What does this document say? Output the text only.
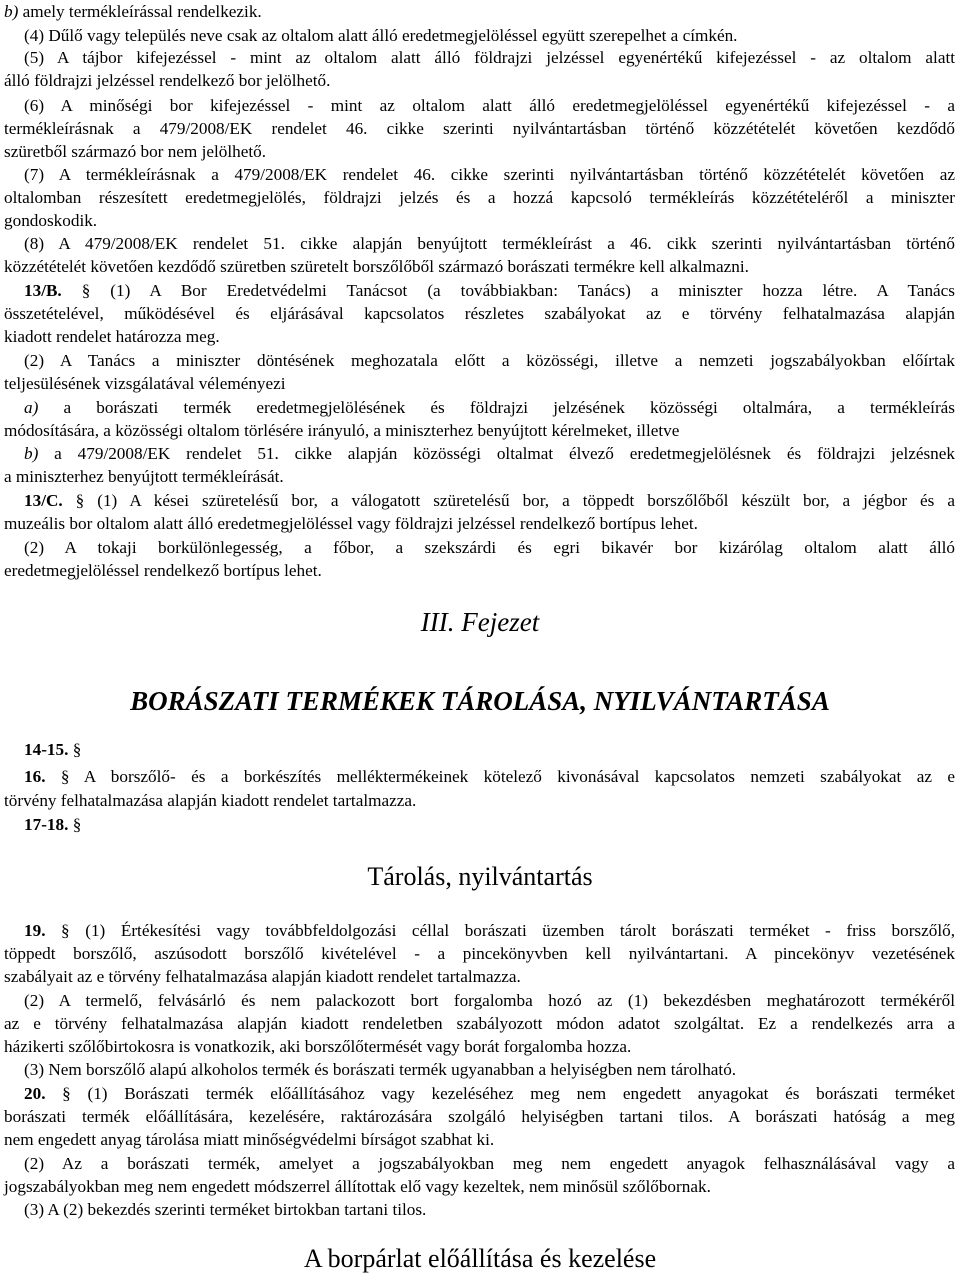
b) amely termékleírással rendelkezik.
(4) Dűlő vagy település neve csak az oltalom alatt álló eredetmegjelöléssel együtt szerepelhet a címkén.
(5) A tájbor kifejezéssel - mint az oltalom alatt álló földrajzi jelzéssel egyenértékű kifejezéssel - az oltalom alatt
álló földrajzi jelzéssel rendelkező bor jelölhető.
(6) A minőségi bor kifejezéssel - mint az oltalom alatt álló eredetmegjelöléssel egyenértékű kifejezéssel - a
termékleírásnak a 479/2008/EK rendelet 46. cikke szerinti nyilvántartásban történő közzétételét követően kezdődő
szüretből származó bor nem jelölhető.
(7) A termékleírásnak a 479/2008/EK rendelet 46. cikke szerinti nyilvántartásban történő közzétételét követően az
oltalomban részesített eredetmegjelölés, földrajzi jelzés és a hozzá kapcsoló termékleírás közzétételéről a miniszter
gondoskodik.
(8) A 479/2008/EK rendelet 51. cikke alapján benyújtott termékleírást a 46. cikk szerinti nyilvántartásban történő
közzétételét követően kezdődő szüretben szüretelt borszőlőből származó borászati termékre kell alkalmazni.
13/B. § (1) A Bor Eredetvédelmi Tanácsot (a továbbiakban: Tanács) a miniszter hozza létre. A Tanács
összetételével, működésével és eljárásával kapcsolatos részletes szabályokat az e törvény felhatalmazása alapján
kiadott rendelet határozza meg.
(2) A Tanács a miniszter döntésének meghozatala előtt a közösségi, illetve a nemzeti jogszabályokban előírtak
teljesülésének vizsgálatával véleményezi
a) a borászati termék eredetmegjelölésének és földrajzi jelzésének közösségi oltalmára, a termékleírás
módosítására, a közösségi oltalom törlésére irányuló, a miniszterhez benyújtott kérelmeket, illetve
b) a 479/2008/EK rendelet 51. cikke alapján közösségi oltalmat élvező eredetmegjelölésnek és földrajzi jelzésnek
a miniszterhez benyújtott termékleírását.
13/C. § (1) A kései szüretelésű bor, a válogatott szüretelésű bor, a töppedt borszőlőből készült bor, a jégbor és a
muzeális bor oltalom alatt álló eredetmegjelöléssel vagy földrajzi jelzéssel rendelkező bortípus lehet.
(2) A tokaji borkülönlegesség, a főbor, a szekszárdi és egri bikavér bor kizárólag oltalom alatt álló
eredetmegjelöléssel rendelkező bortípus lehet.
14-15. §
16. § A borszőlő- és a borkészítés melléktermékeinek kötelező kivonásával kapcsolatos nemzeti szabályokat az e
törvény felhatalmazása alapján kiadott rendelet tartalmazza.
17-18. §
19. § (1) Értékesítési vagy továbbfeldolgozási céllal borászati üzemben tárolt borászati terméket - friss borszőlő,
töppedt borszőlő, aszúsodott borszőlő kivételével - a pincekönyvben kell nyilvántartani. A pincekönyv vezetésének
szabályait az e törvény felhatalmazása alapján kiadott rendelet tartalmazza.
(2) A termelő, felvásárló és nem palackozott bort forgalomba hozó az (1) bekezdésben meghatározott termékéről
az e törvény felhatalmazása alapján kiadott rendeletben szabályozott módon adatot szolgáltat. Ez a rendelkezés arra a
házikerti szőlőbirtokosra is vonatkozik, aki borszőlőtermését vagy borát forgalomba hozza.
(3) Nem borszőlő alapú alkoholos termék és borászati termék ugyanabban a helyiségben nem tárolható.
20. § (1) Borászati termék előállításához vagy kezeléséhez meg nem engedett anyagokat és borászati terméket
borászati termék előállítására, kezelésére, raktározására szolgáló helyiségben tartani tilos. A borászati hatóság a meg
nem engedett anyag tárolása miatt minőségvédelmi bírságot szabhat ki.
(2) Az a borászati termék, amelyet a jogszabályokban meg nem engedett anyagok felhasználásával vagy a
jogszabályokban meg nem engedett módszerrel állítottak elő vagy kezeltek, nem minősül szőlőbornak.
(3) A (2) bekezdés szerinti terméket birtokban tartani tilos.
III. Fejezet
BORÁSZATI TERMÉKEK TÁROLÁSA, NYILVÁNTARTÁSA
Tárolás, nyilvántartás
A borpárlat előállítása és kezelése
